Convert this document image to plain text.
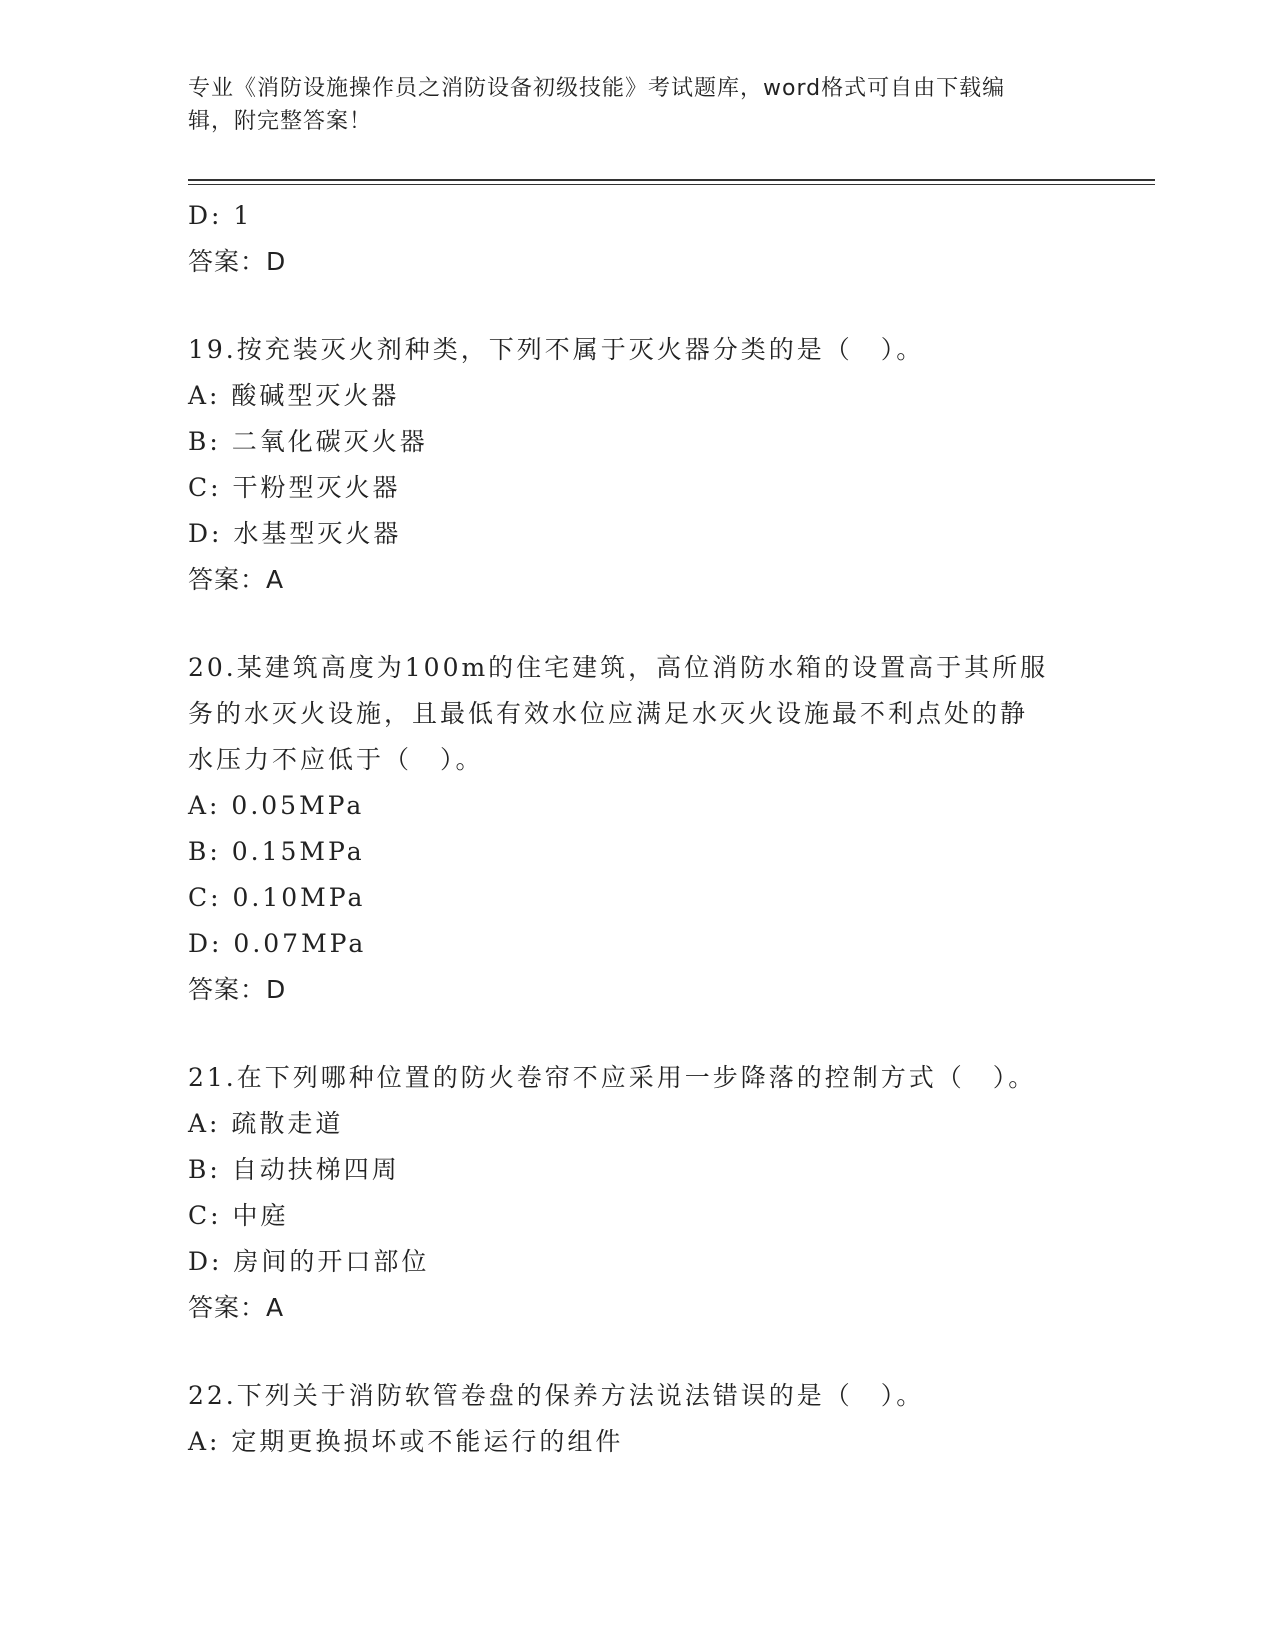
专业《消防设施操作员之消防设备初级技能》考试题库，word格式可自由下载编
辑，附完整答案！
D: 1
答案：D
19.按充装灭火剂种类，下列不属于灭火器分类的是（　）。
A: 酸碱型灭火器
B: 二氧化碳灭火器
C: 干粉型灭火器
D: 水基型灭火器
答案：A
20.某建筑高度为100m的住宅建筑，高位消防水箱的设置高于其所服
务的水灭火设施，且最低有效水位应满足水灭火设施最不利点处的静
水压力不应低于（　）。
A: 0.05MPa
B: 0.15MPa
C: 0.10MPa
D: 0.07MPa
答案：D
21.在下列哪种位置的防火卷帘不应采用一步降落的控制方式（　）。
A: 疏散走道
B: 自动扶梯四周
C: 中庭
D: 房间的开口部位
答案：A
22.下列关于消防软管卷盘的保养方法说法错误的是（　）。
A: 定期更换损坏或不能运行的组件
